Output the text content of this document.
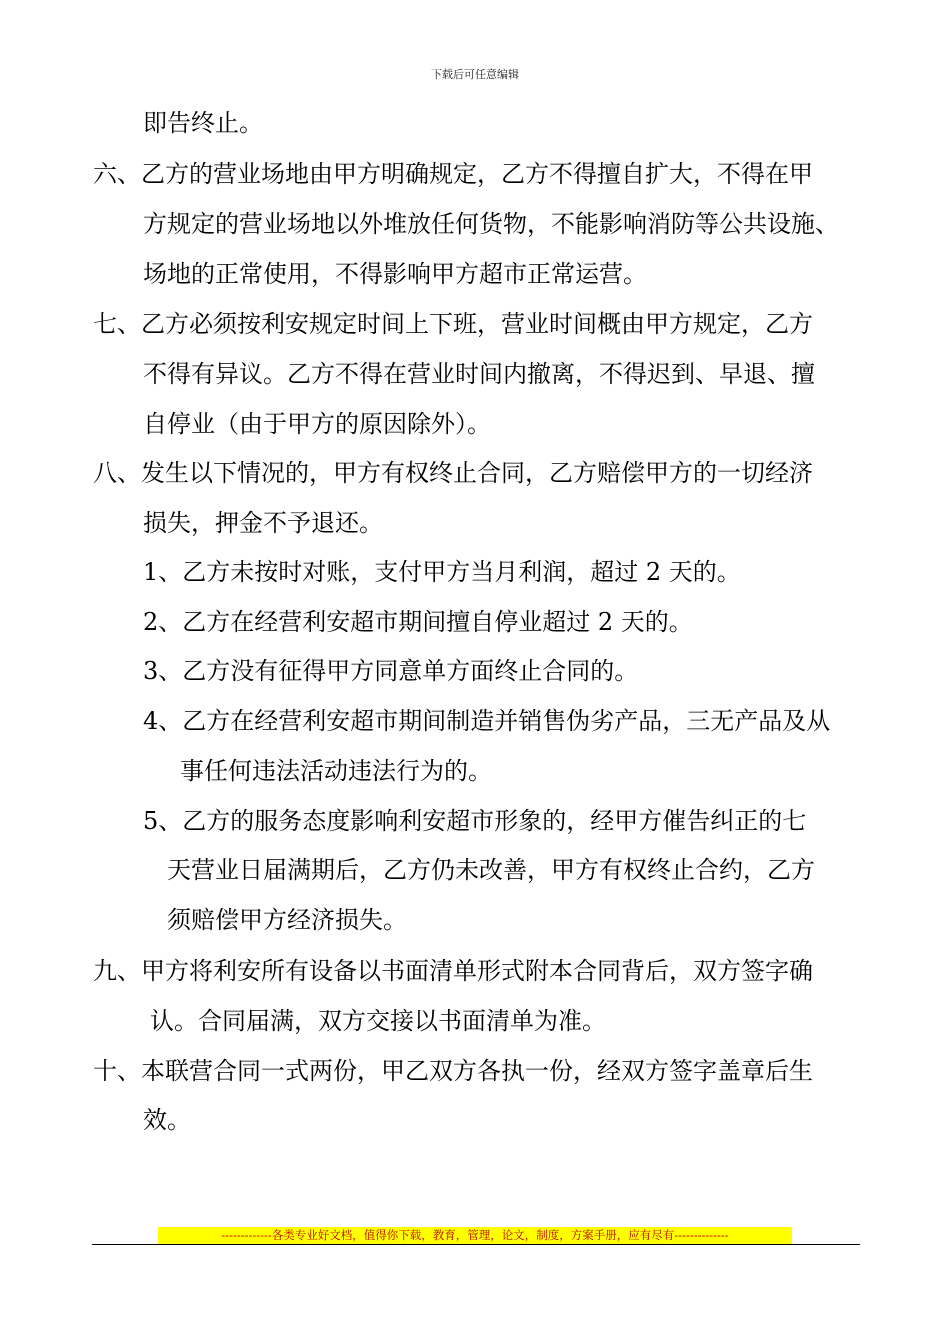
下载后可任意编辑
即告终止。
六、乙方的营业场地由甲方明确规定，乙方不得擅自扩大，不得在甲
方规定的营业场地以外堆放任何货物，不能影响消防等公共设施、
场地的正常使用，不得影响甲方超市正常运营。
七、乙方必须按利安规定时间上下班，营业时间概由甲方规定，乙方
不得有异议。乙方不得在营业时间内撤离，不得迟到、早退、擅
自停业（由于甲方的原因除外）。
八、发生以下情况的，甲方有权终止合同，乙方赔偿甲方的一切经济
损失，押金不予退还。
1、乙方未按时对账，支付甲方当月利润，超过 2 天的。
2、乙方在经营利安超市期间擅自停业超过 2 天的。
3、乙方没有征得甲方同意单方面终止合同的。
4、乙方在经营利安超市期间制造并销售伪劣产品，三无产品及从
事任何违法活动违法行为的。
5、乙方的服务态度影响利安超市形象的，经甲方催告纠正的七
天营业日届满期后，乙方仍未改善，甲方有权终止合约，乙方
须赔偿甲方经济损失。
九、甲方将利安所有设备以书面清单形式附本合同背后，双方签字确
认。合同届满，双方交接以书面清单为准。
十、本联营合同一式两份，甲乙双方各执一份，经双方签字盖章后生
效。
-------------各类专业好文档，值得你下载，教育，管理，论文，制度，方案手册，应有尽有--------------
